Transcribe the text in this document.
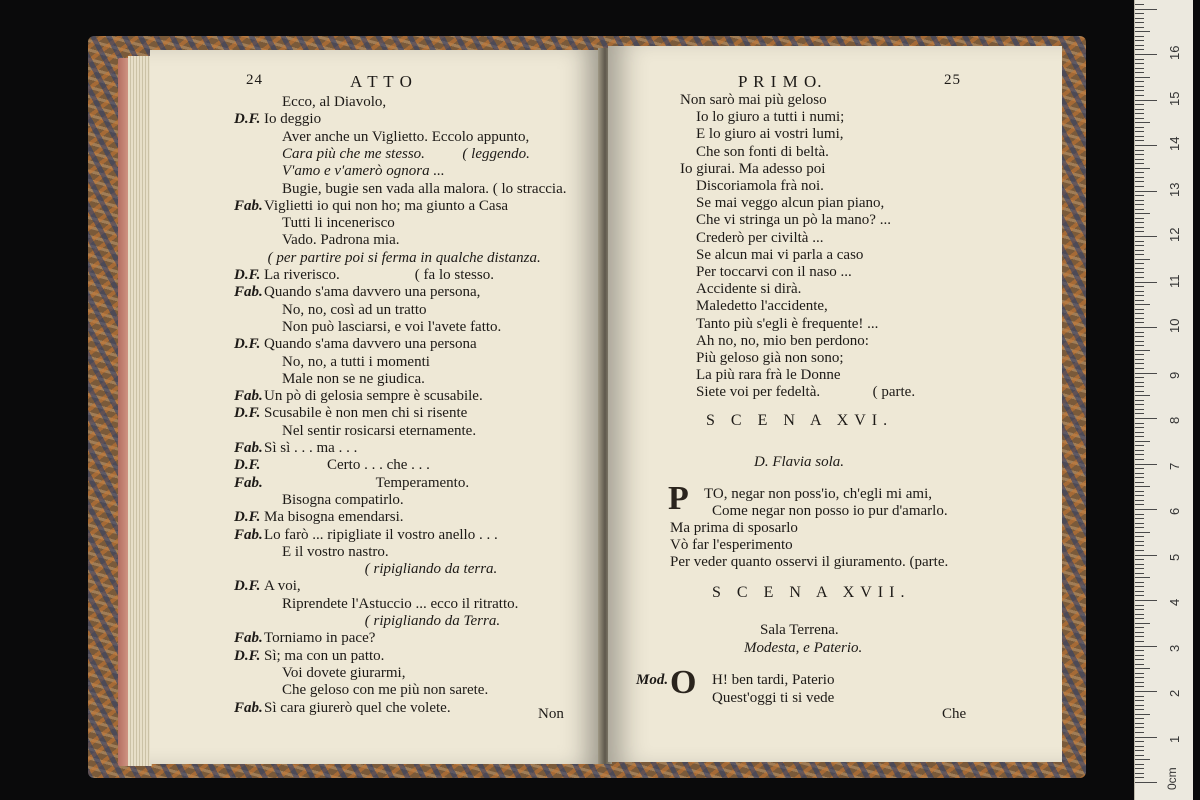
24	A T T O
Ecco, al Diavolo,
D.F. Io deggio
Aver anche un Viglietto. Eccolo appunto,
Cara più che me stesso.          ( leggendo.
V'amo e v'amerò ognora ...
Bugie, bugie sen vada alla malora. ( lo straccia.
Fab. Viglietti io qui non ho; ma giunto a Casa
Tutti li incenerisco
Vado. Padrona mia.
( per partire poi si ferma in qualche distanza.
D.F. La riverisco.                    ( fa lo stesso.
Fab. Quando s'ama davvero una persona,
No, no, così ad un tratto
Non può lasciarsi, e voi l'avete fatto.
D.F. Quando s'ama davvero una persona
No, no, a tutti i momenti
Male non se ne giudica.
Fab. Un pò di gelosia sempre è scusabile.
D.F. Scusabile è non men chi si risente
Nel sentir rosicarsi eternamente.
Fab. Sì sì . . . ma . . .
D.F.	Certo . . . che . . .
Fab.	Temperamento.
Bisogna compatirlo.
D.F. Ma bisogna emendarsi.
Fab. Lo farò ... ripigliate il vostro anello . . .
E il vostro nastro.
( ripigliando da terra.
D.F. A voi,
Riprendete l'Astuccio ... ecco il ritratto.
( ripigliando da Terra.
Fab. Torniamo in pace?
D.F. Sì; ma con un patto.
Voi dovete giurarmi,
Che geloso con me più non sarete.
Fab. Sì cara giurerò quel che volete.	Non
P R I M O.	25
Non sarò mai più geloso
Io lo giuro a tutti i numi;
E lo giuro ai vostri lumi,
Che son fonti di beltà.
Io giurai. Ma adesso poi
Discoriamola frà noi.
Se mai veggo alcun pian piano,
Che vi stringa un pò la mano? ...
Crederò per civiltà ...
Se alcun mai vi parla a caso
Per toccarvi con il naso ...
Accidente si dirà.
Maledetto l'accidente,
Tanto più s'egli è frequente! ...
Ah no, no, mio ben perdono:
Più geloso già non sono;
La più rara frà le Donne
Siete voi per fedeltà.              ( parte.
S C E N A XVI.
D. Flavia sola.
P TO, negar non poss'io, ch'egli mi ami,
Come negar non posso io pur d'amarlo.
Ma prima di sposarlo
Vò far l'esperimento
Per veder quanto osservi il giuramento. (parte.
S C E N A XVII.
Sala Terrena.
Modesta, e Paterio.
Mod. O H! ben tardi, Paterio
Quest'oggi ti si vede
Che
0cm
1
2
3
4
5
6
7
8
9
10
11
12
13
14
15
16
